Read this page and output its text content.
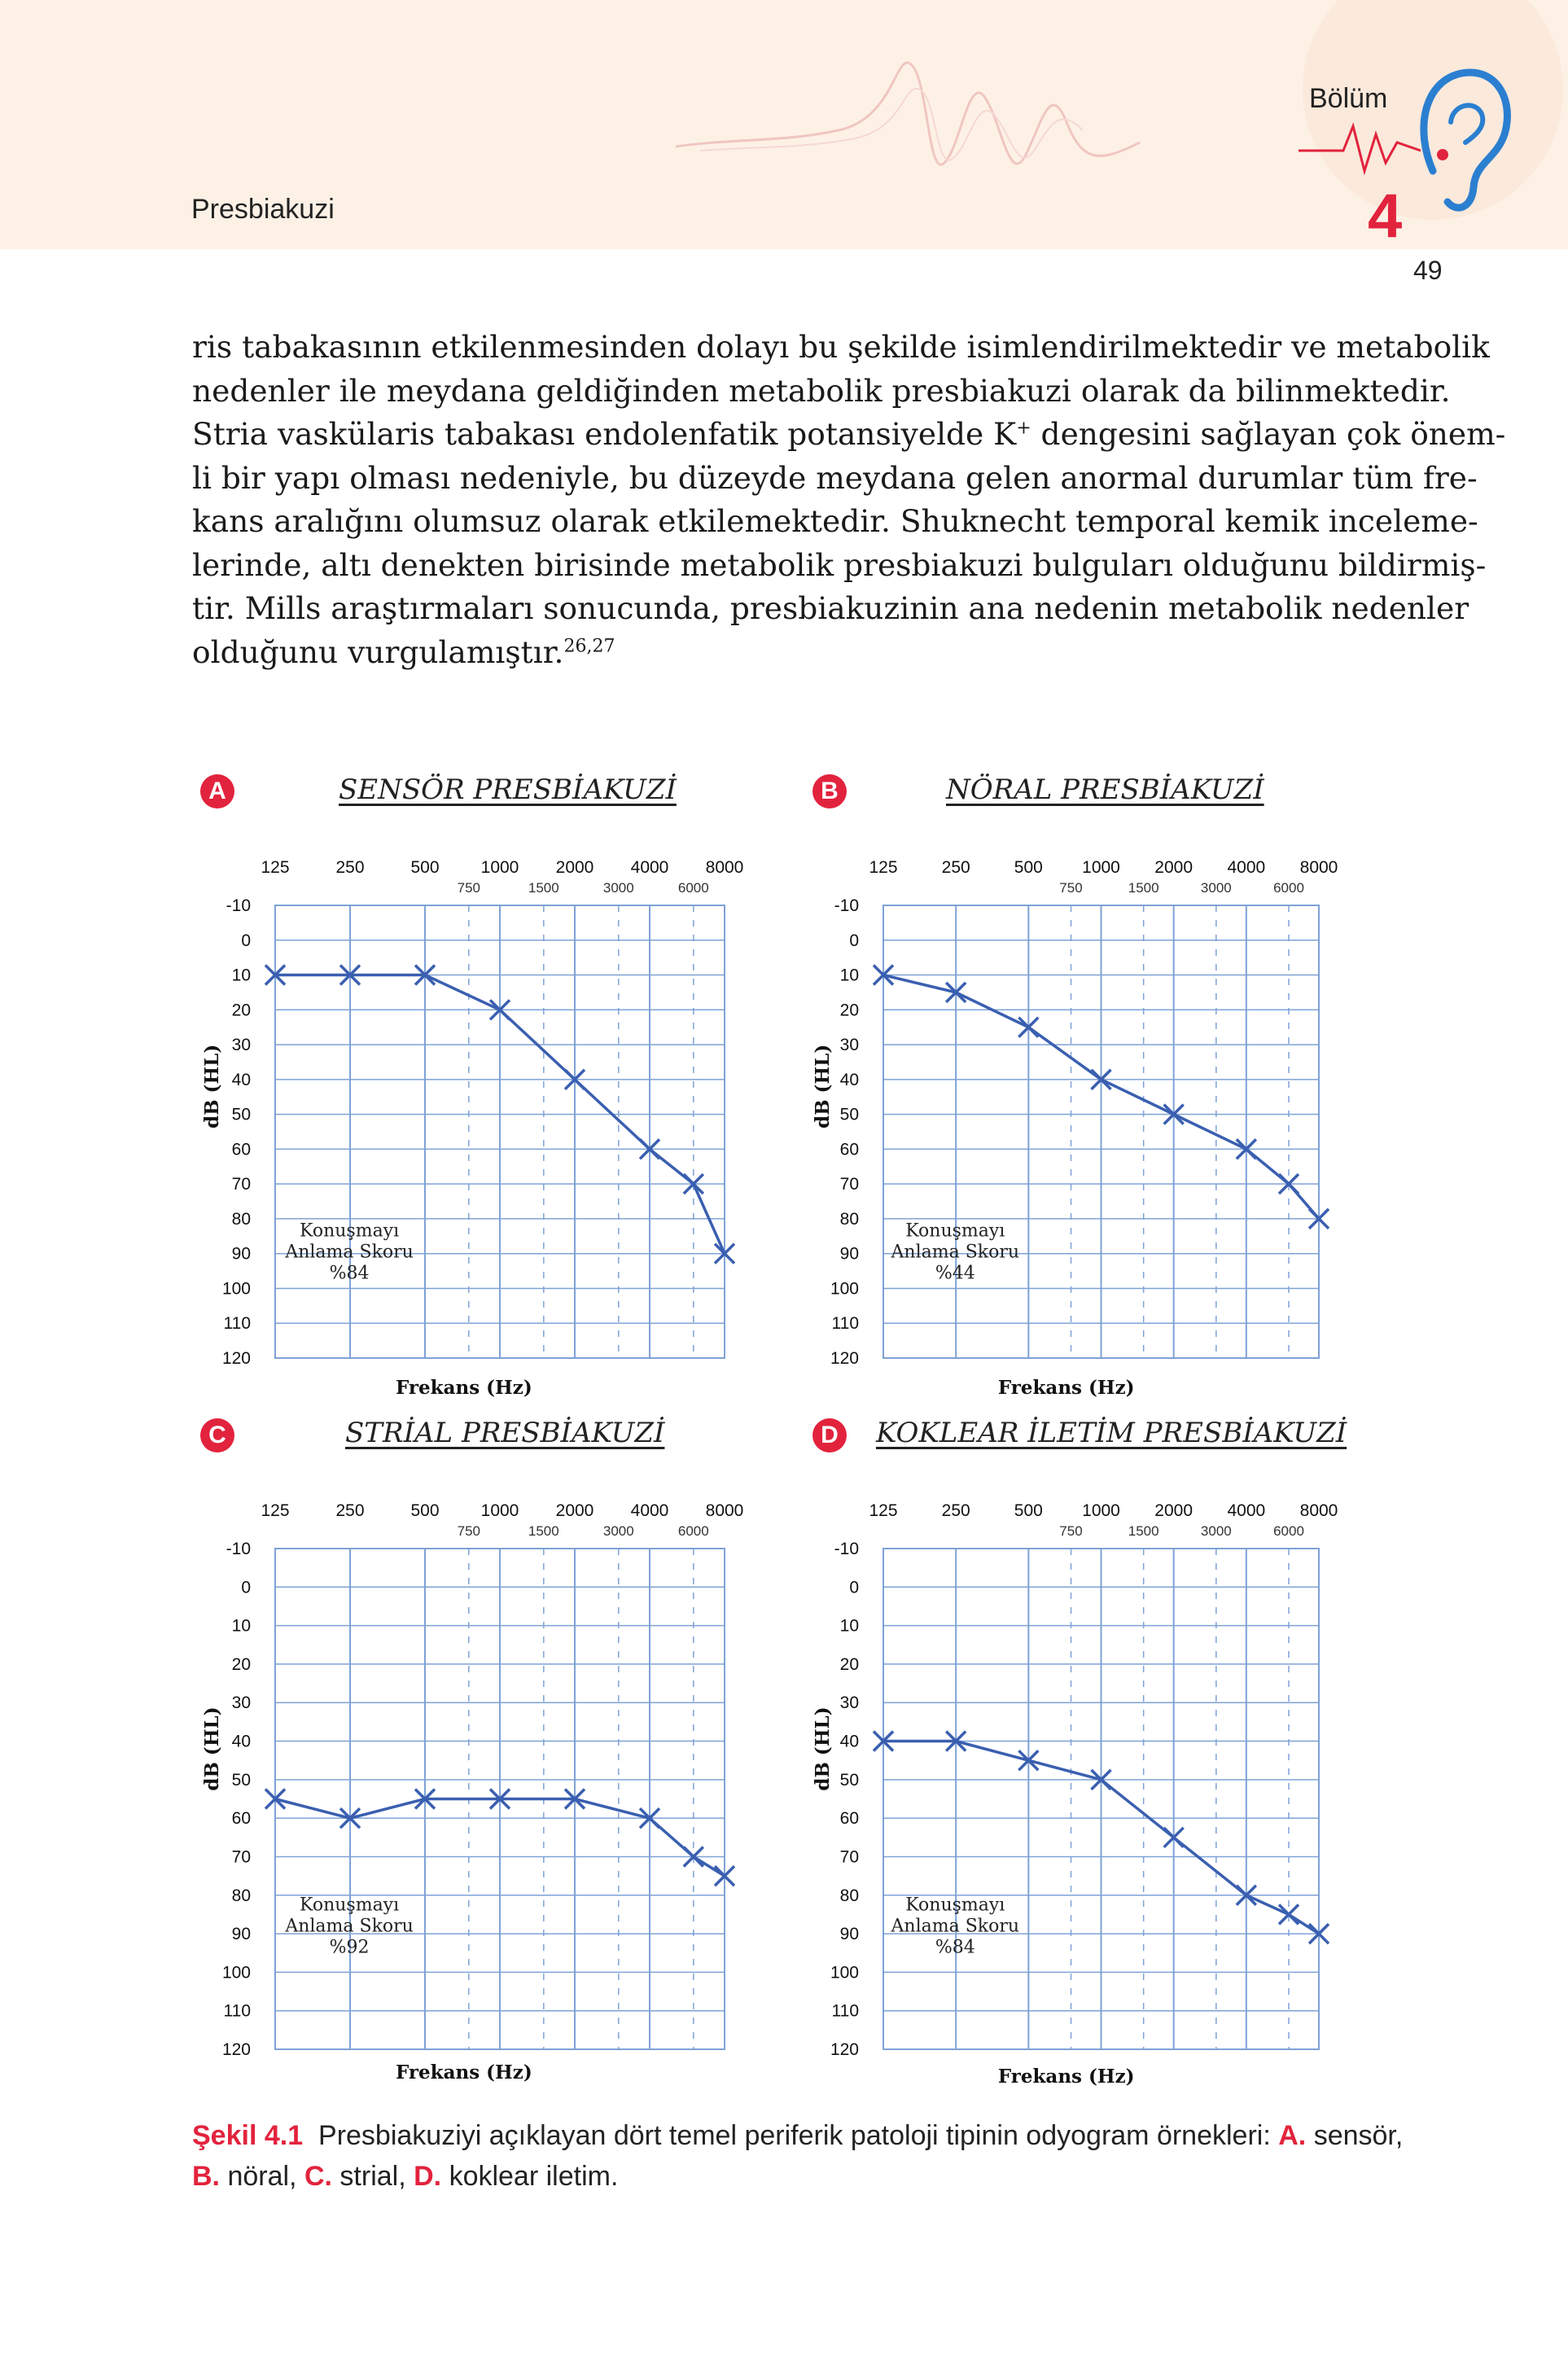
Presbiakuzi
Bölüm
4
49

ris tabakasının etkilenmesinden dolayı bu şekilde isimlendirilmektedir ve metabolik

nedenler ile meydana geldiğinden metabolik presbiakuzi olarak da bilinmektedir.

Stria vaskülaris tabakası endolenfatik potansiyelde K+ dengesini sağlayan çok önem-

li bir yapı olması nedeniyle, bu düzeyde meydana gelen anormal durumlar tüm fre-

kans aralığını olumsuz olarak etkilemektedir. Shuknecht temporal kemik inceleme-

lerinde, altı denekten birisinde metabolik presbiakuzi bulguları olduğunu bildirmiş-

tir. Mills araştırmaları sonucunda, presbiakuzinin ana nedenin metabolik nedenler

olduğunu vurgulamıştır.$^{26,27}$

A	SENSÖR PRESBİAKUZİ	B	NÖRAL PRESBİAKUZİ
C	STRİAL PRESBİAKUZİ	D KOKLEAR İLETİM PRESBİAKUZİ
125	250	500 1000 2000 4000 8000
750	1500	3000	6000
-10
0
10
20
30
40
50
60
70
80
90
100
110
120
dB (HL)
Frekans (Hz)
Konuşmayı
Anlama Skoru
%84
125	250	500 1000 2000 4000 8000
750	1500	3000	6000
-10
0
10
20
30
40
50
60
70
80
90
100
110
120
dB (HL)
Frekans (Hz)
Konuşmayı
Anlama Skoru
%44
125	250	500 1000 2000 4000 8000
750	1500	3000	6000
-10
0
10
20
30
40
50
60
70
80
90
100
110
120
dB (HL)
Frekans (Hz)
Konuşmayı
Anlama Skoru
%92
125	250	500 1000 2000 4000 8000
750	1500	3000	6000
-10
0
10
20
30
40
50
60
70
80
90
100
110
120
dB (HL)
Frekans (Hz)
Konuşmayı
Anlama Skoru
%84

Şekil 4.1 Presbiakuziyi açıklayan dört temel periferik patoloji tipinin odyogram örnekleri: A. sensör,

B. nöral, C. strial, D. koklear iletim.
